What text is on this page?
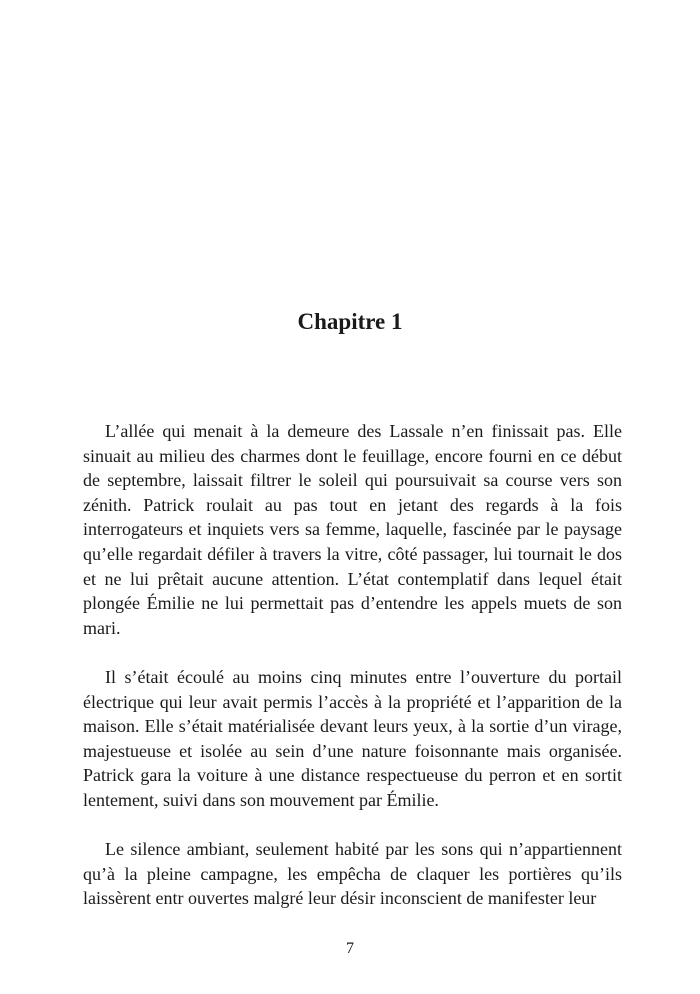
Chapitre 1

L’allée qui menait à la demeure des Lassale n’en finissait pas. Elle sinuait au milieu des charmes dont le feuillage, encore fourni en ce début de septembre, laissait filtrer le soleil qui poursuivait sa course vers son zénith. Patrick roulait au pas tout en jetant des regards à la fois interrogateurs et inquiets vers sa femme, laquelle, fascinée par le paysage qu’elle regardait défiler à travers la vitre, côté passager, lui tournait le dos et ne lui prêtait aucune attention. L’état contemplatif dans lequel était plongée Émilie ne lui permettait pas d’entendre les appels muets de son mari.

Il s’était écoulé au moins cinq minutes entre l’ouverture du portail électrique qui leur avait permis l’accès à la propriété et l’apparition de la maison. Elle s’était matérialisée devant leurs yeux, à la sortie d’un virage, majestueuse et isolée au sein d’une nature foisonnante mais organisée. Patrick gara la voiture à une distance respectueuse du perron et en sortit lentement, suivi dans son mouvement par Émilie.

Le silence ambiant, seulement habité par les sons qui n’appartiennent qu’à la pleine campagne, les empêcha de claquer les portières qu’ils laissèrent entr ouvertes malgré leur désir inconscient de manifester leur

7
